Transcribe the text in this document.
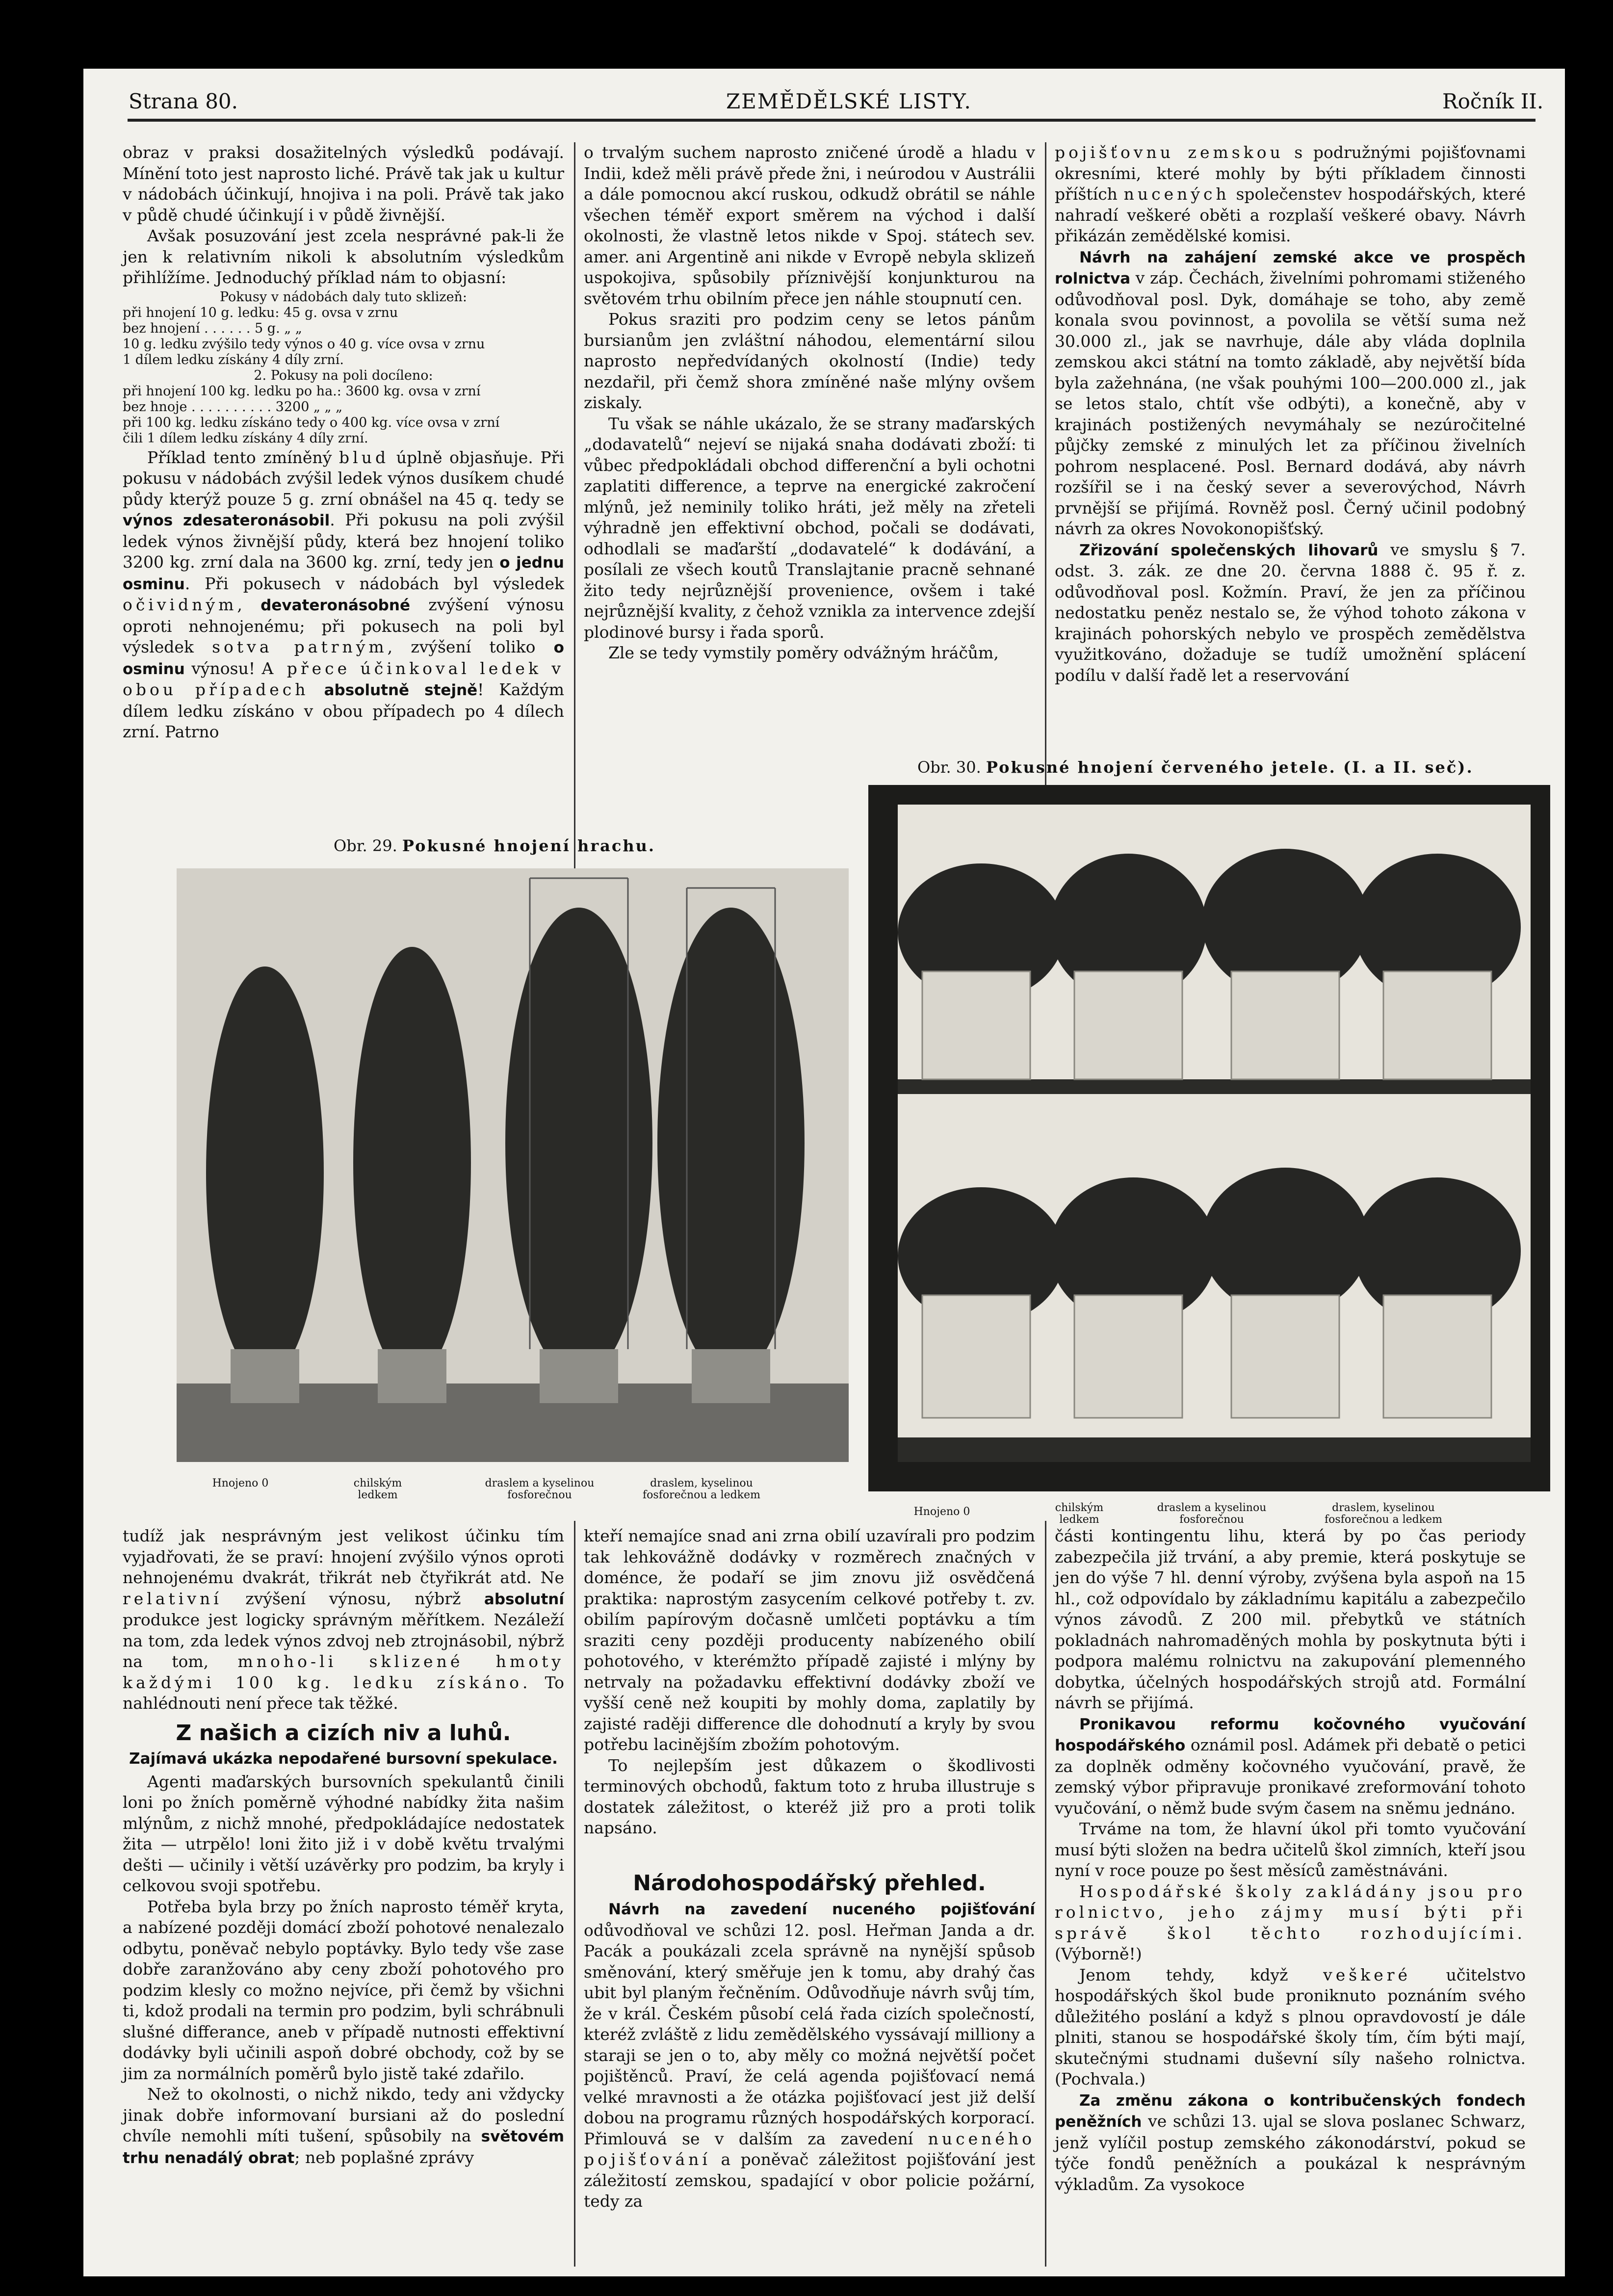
Strana 80.	ZEMĚDĚLSKÉ LISTY.	Ročník II.

obraz v praksi dosažitelných výsledků podávají. Mínění toto jest naprosto liché. Právě tak jak u kultur v nádobách účinkují, hnojiva i na poli. Právě tak jako v půdě chudé účinkují i v půdě živnější.

Avšak posuzování jest zcela nesprávné pak-li že jen k relativním nikoli k absolutním výsledkům přihlížíme. Jednoduchý příklad nám to objasní:

Pokusy v nádobách daly tuto sklizeň:
při hnojení 10 g. ledku: 45 g. ovsa v zrnu
bez hnojení . . . . . . 5 g. „ „
10 g. ledku zvýšilo tedy výnos o 40 g. více ovsa v zrnu
1 dílem ledku získány 4 díly zrní.
2. Pokusy na poli docíleno:
při hnojení 100 kg. ledku po ha.: 3600 kg. ovsa v zrní
bez hnoje . . . . . . . . . . 3200 „ „ „
při 100 kg. ledku získáno tedy o 400 kg. více ovsa v zrní
čili 1 dílem ledku získány 4 díly zrní.

Příklad tento zmíněný blud úplně objasňuje. Při pokusu v nádobách zvýšil ledek výnos dusíkem chudé půdy kterýž pouze 5 g. zrní obnášel na 45 q. tedy se výnos zdesateronásobil. Při pokusu na poli zvýšil ledek výnos živnější půdy, která bez hnojení toliko 3200 kg. zrní dala na 3600 kg. zrní, tedy jen o jednu osminu. Při pokusech v nádobách byl výsledek očividným, devateronásobné zvýšení výnosu oproti nehnojenému; při pokusech na poli byl výsledek sotva patrným, zvýšení toliko o osminu výnosu! A přece účinkoval ledek v obou případech absolutně stejně! Každým dílem ledku získáno v obou případech po 4 dílech zrní. Patrno

o trvalým suchem naprosto zničené úrodě a hladu v Indii, kdež měli právě přede žni, i neúrodou v Austrálii a dále pomocnou akcí ruskou, odkudž obrátil se náhle všechen téměř export směrem na východ i další okolnosti, že vlastně letos nikde v Spoj. státech sev. amer. ani Argentině ani nikde v Evropě nebyla sklizeň uspokojiva, spůsobily příznivější konjunkturou na světovém trhu obilním přece jen náhle stoupnutí cen.

Pokus sraziti pro podzim ceny se letos pánům bursianům jen zvláštní náhodou, elementární silou naprosto nepředvídaných okolností (Indie) tedy nezdařil, při čemž shora zmíněné naše mlýny ovšem ziskaly.

Tu však se náhle ukázalo, že se strany maďarských „dodavatelů“ nejeví se nijaká snaha dodávati zboží: ti vůbec předpokládali obchod differenční a byli ochotni zaplatiti difference, a teprve na energické zakročení mlýnů, jež neminily toliko hráti, jež měly na zřeteli výhradně jen effektivní obchod, počali se dodávati, odhodlali se maďarští „dodavatelé“ k dodávání, a posílali ze všech koutů Translajtanie pracně sehnané žito tedy nejrůznější provenience, ovšem i také nejrůznější kvality, z čehož vznikla za intervence zdejší plodinové bursy i řada sporů.

Zle se tedy vymstily poměry odvážným hráčům,

pojišťovnu zemskou s podružnými pojišťovnami okresními, které mohly by býti příkladem činnosti příštích nucených společenstev hospodářských, které nahradí veškeré oběti a rozplaší veškeré obavy. Návrh přikázán zemědělské komisi.

Návrh na zahájení zemské akce ve prospěch rolnictva v záp. Čechách, živelními pohromami stiženého odůvodňoval posl. Dyk, domáhaje se toho, aby země konala svou povinnost, a povolila se větší suma než 30.000 zl., jak se navrhuje, dále aby vláda doplnila zemskou akci státní na tomto základě, aby největší bída byla zažehnána, (ne však pouhými 100—200.000 zl., jak se letos stalo, chtít vše odbýti), a konečně, aby v krajinách postižených nevymáhaly se nezúročitelné půjčky zemské z minulých let za příčinou živelních pohrom nesplacené. Posl. Bernard dodává, aby návrh rozšířil se i na český sever a severovýchod, Návrh prvnější se přijímá. Rovněž posl. Černý učinil podobný návrh za okres Novokonopišťský.

Zřizování společenských lihovarů ve smyslu § 7. odst. 3. zák. ze dne 20. června 1888 č. 95 ř. z. odůvodňoval posl. Kožmín. Praví, že jen za příčinou nedostatku peněz nestalo se, že výhod tohoto zákona v krajinách pohorských nebylo ve prospěch zemědělstva využitkováno, dožaduje se tudíž umožnění splácení podílu v další řadě let a reservování

Obr. 30. Pokusné hnojení červeného jetele. (I. a II. seč).
Obr. 29. Pokusné hnojení hrachu.
Hnojeno 0	chilským ledkem
draslem a kyselinou fosforečnou
draslem, kyselinou fosforečnou a ledkem
Hnojeno 0	chilským ledkem
draslem a kyselinou fosforečnou
draslem, kyselinou fosforečnou a ledkem

tudíž jak nesprávným jest velikost účinku tím vyjadřovati, že se praví: hnojení zvýšilo výnos oproti nehnojenému dvakrát, třikrát neb čtyřikrát atd. Ne relativní zvýšení výnosu, nýbrž absolutní produkce jest logicky správným měřítkem. Nezáleží na tom, zda ledek výnos zdvoj neb ztrojnásobil, nýbrž na tom, mnoho-li sklizené hmoty každými 100 kg. ledku získáno. To nahlédnouti není přece tak těžké.

Z našich a cizích niv a luhů.

Zajímavá ukázka nepodařené bursovní spekulace.

Agenti maďarských bursovních spekulantů činili loni po žních poměrně výhodné nabídky žita našim mlýnům, z nichž mnohé, předpokládajíce nedostatek žita — utrpělo! loni žito již i v době květu trvalými dešti — učinily i větší uzávěrky pro podzim, ba kryly i celkovou svoji spotřebu.

Potřeba byla brzy po žních naprosto téměř kryta, a nabízené později domácí zboží pohotové nenalezalo odbytu, poněvač nebylo poptávky. Bylo tedy vše zase dobře zaranžováno aby ceny zboží pohotového pro podzim klesly co možno nejvíce, při čemž by všichni ti, kdož prodali na termin pro podzim, byli schrábnuli slušné differance, aneb v případě nutnosti effektivní dodávky byli učinili aspoň dobré obchody, což by se jim za normálních poměrů bylo jistě také zdařilo.

Než to okolnosti, o nichž nikdo, tedy ani vždycky jinak dobře informovaní bursiani až do poslední chvíle nemohli míti tušení, spůsobily na světovém trhu nenadálý obrat; neb poplašné zprávy

kteří nemajíce snad ani zrna obilí uzavírali pro podzim tak lehkovážně dodávky v rozměrech značných v doménce, že podaří se jim znovu již osvědčená praktika: naprostým zasycením celkové potřeby t. zv. obilím papírovým dočasně umlčeti poptávku a tím sraziti ceny později producenty nabízeného obilí pohotového, v kterémžto případě zajisté i mlýny by netrvaly na požadavku effektivní dodávky zboží ve vyšší ceně než koupiti by mohly doma, zaplatily by zajisté raději difference dle dohodnutí a kryly by svou potřebu lacinějším zbožím pohotovým.

To nejlepším jest důkazem o škodlivosti terminových obchodů, faktum toto z hruba illustruje s dostatek záležitost, o kteréž již pro a proti tolik napsáno.

Národohospodářský přehled.

Návrh na zavedení nuceného pojišťování odůvodňoval ve schůzi 12. posl. Heřman Janda a dr. Pacák a poukázali zcela správně na nynější spůsob směnování, který směřuje jen k tomu, aby drahý čas ubit byl planým řečněním. Odůvodňuje návrh svůj tím, že v král. Českém působí celá řada cizích společností, kteréž zvláště z lidu zemědělského vyssávají milliony a staraji se jen o to, aby měly co možná největší počet pojištěnců. Praví, že celá agenda pojišťovací nemá velké mravnosti a že otázka pojišťovací jest již delší dobou na programu různých hospodářských korporací. Přimlouvá se v dalším za zavedení nuceného pojišťování a poněvač záležitost pojišťování jest záležitostí zemskou, spadající v obor policie požární, tedy za

části kontingentu lihu, která by po čas periody zabezpečila již trvání, a aby premie, která poskytuje se jen do výše 7 hl. denní výroby, zvýšena byla aspoň na 15 hl., což odpovídalo by základnímu kapitálu a zabezpečilo výnos závodů. Z 200 mil. přebytků ve státních pokladnách nahromaděných mohla by poskytnuta býti i podpora malému rolnictvu na zakupování plemenného dobytka, účelných hospodářských strojů atd. Formální návrh se přijímá.

Pronikavou reformu kočovného vyučování hospodářského oznámil posl. Adámek při debatě o petici za doplněk odměny kočovného vyučování, pravě, že zemský výbor připravuje pronikavé zreformování tohoto vyučování, o němž bude svým časem na sněmu jednáno.

Trváme na tom, že hlavní úkol při tomto vyučování musí býti složen na bedra učitelů škol zimních, kteří jsou nyní v roce pouze po šest měsíců zaměstnáváni.

Hospodářské školy zakládány jsou pro rolnictvo, jeho zájmy musí býti při správě škol těchto rozhodujícími. (Výborně!)

Jenom tehdy, když veškeré učitelstvo hospodářských škol bude proniknuto poznáním svého důležitého poslání a když s plnou opravdovostí je dále plniti, stanou se hospodářské školy tím, čím býti mají, skutečnými studnami duševní síly našeho rolnictva. (Pochvala.)

Za změnu zákona o kontribučenských fondech peněžních ve schůzi 13. ujal se slova poslanec Schwarz, jenž vylíčil postup zemského zákonodárství, pokud se týče fondů peněžních a poukázal k nesprávným výkladům. Za vysokoce
